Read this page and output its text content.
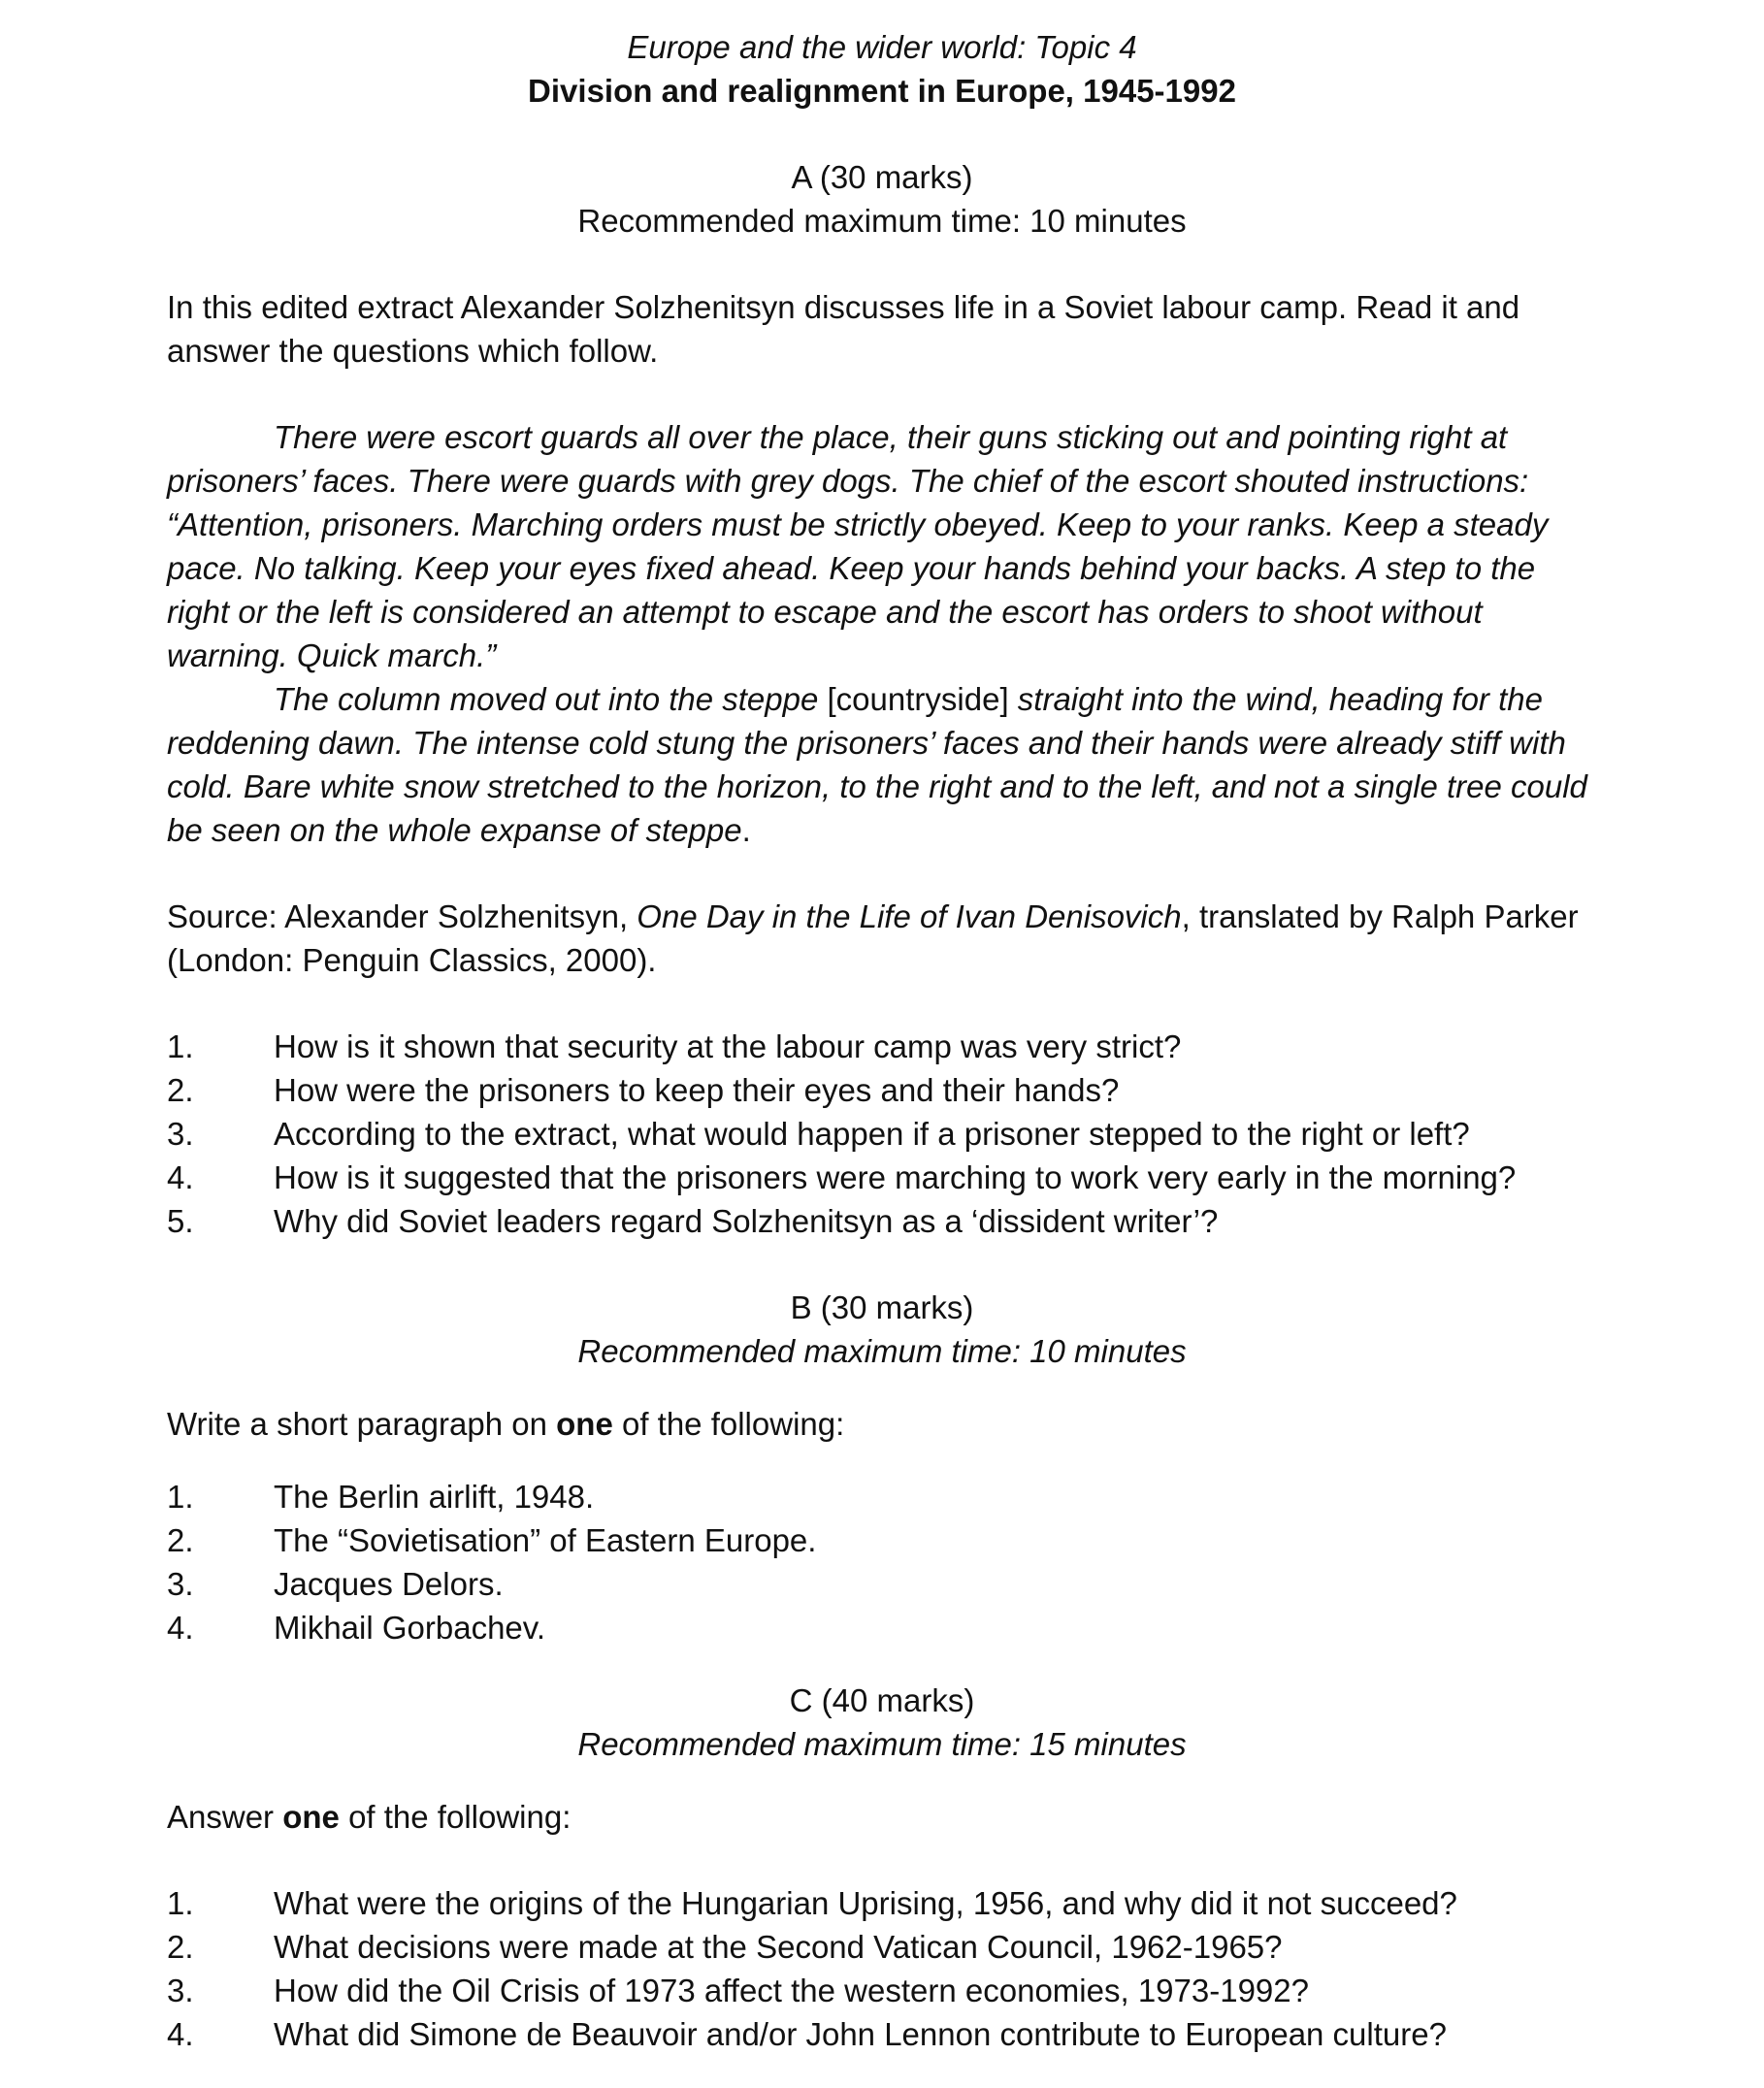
Europe and the wider world: Topic 4
Division and realignment in Europe, 1945-1992
A (30 marks)
Recommended maximum time: 10 minutes

In this edited extract Alexander Solzhenitsyn discusses life in a Soviet labour camp. Read it and answer the questions which follow.

There were escort guards all over the place, their guns sticking out and pointing right at prisoners’ faces. There were guards with grey dogs. The chief of the escort shouted instructions: “Attention, prisoners. Marching orders must be strictly obeyed. Keep to your ranks. Keep a steady pace. No talking. Keep your eyes fixed ahead. Keep your hands behind your backs. A step to the right or the left is considered an attempt to escape and the escort has orders to shoot without warning. Quick march.”

The column moved out into the steppe [countryside] straight into the wind, heading for the reddening dawn. The intense cold stung the prisoners’ faces and their hands were already stiff with cold. Bare white snow stretched to the horizon, to the right and to the left, and not a single tree could be seen on the whole expanse of steppe.

Source: Alexander Solzhenitsyn, One Day in the Life of Ivan Denisovich, translated by Ralph Parker (London: Penguin Classics, 2000).

1.	How is it shown that security at the labour camp was very strict?
2.	How were the prisoners to keep their eyes and their hands?
3.	According to the extract, what would happen if a prisoner stepped to the right or left?
4.	How is it suggested that the prisoners were marching to work very early in the morning?
5.	Why did Soviet leaders regard Solzhenitsyn as a ‘dissident writer’?
B (30 marks)
Recommended maximum time: 10 minutes

Write a short paragraph on one of the following:

1.	The Berlin airlift, 1948.
2.	The “Sovietisation” of Eastern Europe.
3.	Jacques Delors.
4.	Mikhail Gorbachev.
C (40 marks)
Recommended maximum time: 15 minutes

Answer one of the following:

1.	What were the origins of the Hungarian Uprising, 1956, and why did it not succeed?
2.	What decisions were made at the Second Vatican Council, 1962-1965?
3.	How did the Oil Crisis of 1973 affect the western economies, 1973-1992?
4.	What did Simone de Beauvoir and/or John Lennon contribute to European culture?
